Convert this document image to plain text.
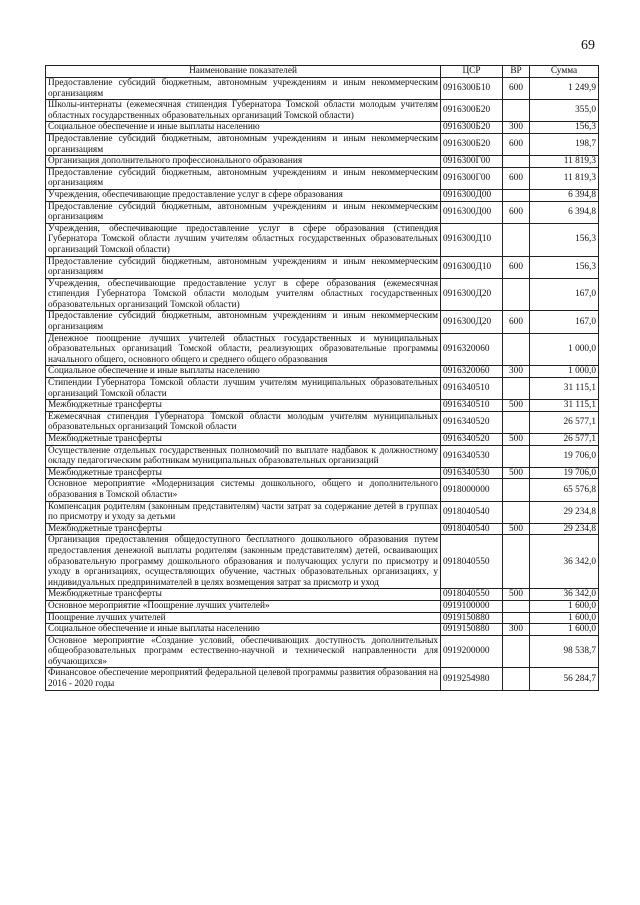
69
Наименование показателей	ЦСР	ВР	Сумма
Предоставление субсидий бюджетным, автономным учреждениям и иным некоммерческим организациям	0916300Б10	600	1 249,9
Школы-интернаты (ежемесячная стипендия Губернатора Томской области молодым учителям областных государственных образовательных организаций Томской области)	0916300Б20		355,0
Социальное обеспечение и иные выплаты населению	0916300Б20	300	156,3
Предоставление субсидий бюджетным, автономным учреждениям и иным некоммерческим организациям	0916300Б20	600	198,7
Организация дополнительного профессионального образования	0916300Г00		11 819,3
Предоставление субсидий бюджетным, автономным учреждениям и иным некоммерческим организациям	0916300Г00	600	11 819,3
Учреждения, обеспечивающие предоставление услуг в сфере образования	0916300Д00		6 394,8
Предоставление субсидий бюджетным, автономным учреждениям и иным некоммерческим организациям	0916300Д00	600	6 394,8
Учреждения, обеспечивающие предоставление услуг в сфере образования (стипендия Губернатора Томской области лучшим учителям областных государственных образовательных организаций Томской области)	0916300Д10		156,3
Предоставление субсидий бюджетным, автономным учреждениям и иным некоммерческим организациям	0916300Д10	600	156,3
Учреждения, обеспечивающие предоставление услуг в сфере образования (ежемесячная стипендия Губернатора Томской области молодым учителям областных государственных образовательных организаций Томской области)	0916300Д20		167,0
Предоставление субсидий бюджетным, автономным учреждениям и иным некоммерческим организациям	0916300Д20	600	167,0
Денежное поощрение лучших учителей областных государственных и муниципальных образовательных организаций Томской области, реализующих образовательные программы начального общего, основного общего и среднего общего образования	0916320060		1 000,0
Социальное обеспечение и иные выплаты населению	0916320060	300	1 000,0
Стипендии Губернатора Томской области лучшим учителям муниципальных образовательных организаций Томской области	0916340510		31 115,1
Межбюджетные трансферты	0916340510	500	31 115,1
Ежемесячная стипендия Губернатора Томской области молодым учителям муниципальных образовательных организаций Томской области	0916340520		26 577,1
Межбюджетные трансферты	0916340520	500	26 577,1
Осуществление отдельных государственных полномочий по выплате надбавок к должностному окладу педагогическим работникам муниципальных образовательных организаций	0916340530		19 706,0
Межбюджетные трансферты	0916340530	500	19 706,0
Основное мероприятие «Модернизация системы дошкольного, общего и дополнительного образования в Томской области»	0918000000		65 576,8
Компенсация родителям (законным представителям) части затрат за содержание детей в группах по присмотру и уходу за детьми	0918040540		29 234,8
Межбюджетные трансферты	0918040540	500	29 234,8
Организация предоставления общедоступного бесплатного дошкольного образования путем предоставления денежной выплаты родителям (законным представителям) детей, осваивающих образовательную программу дошкольного образования и получающих услуги по присмотру и уходу в организациях, осуществляющих обучение, частных образовательных организациях, у индивидуальных предпринимателей в целях возмещения затрат за присмотр и уход	0918040550		36 342,0
Межбюджетные трансферты	0918040550	500	36 342,0
Основное мероприятие «Поощрение лучших учителей»	0919100000		1 600,0
Поощрение лучших учителей	0919150880		1 600,0
Социальное обеспечение и иные выплаты населению	0919150880	300	1 600,0
Основное мероприятие «Создание условий, обеспечивающих доступность дополнительных общеобразовательных программ естественно-научной и технической направленности для обучающихся»	0919200000		98 538,7
Финансовое обеспечение мероприятий федеральной целевой программы развития образования на 2016 - 2020 годы	0919254980		56 284,7
